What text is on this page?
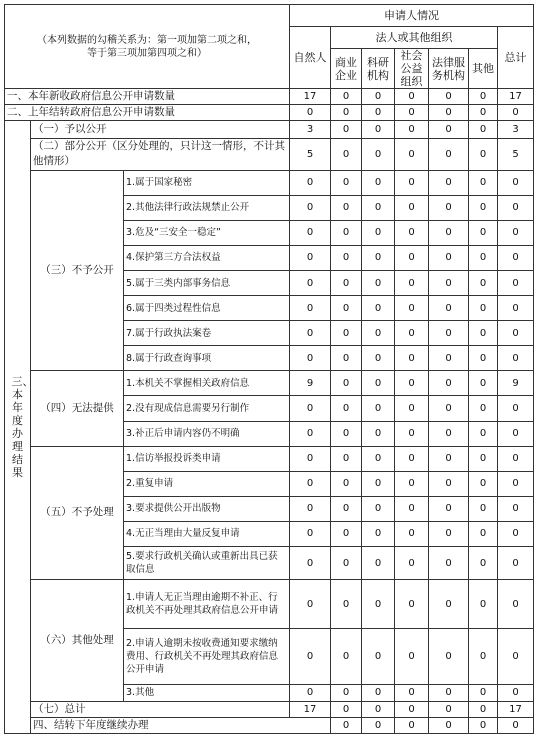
（本列数据的勾稽关系为：第一项加第二项之和，
等于第三项加第四项之和）			申请人情况							
			自然人	法人或其他组织					总计	
				商业企业	科研机构	社会公益组织	法律服务机构	其他		
一、本年新收政府信息公开申请数量			17	0	0	0	0	0	17	
二、上年结转政府信息公开申请数量			0	0	0	0	0	0	0	

三、本年度办理结果	（一）予以公开		3	0	0	0	0	0	3	
	（二）部分公开（区分处理的，只计这一情形，不计其他情形）		5	0	0	0	0	0	5	
	（三）不予公开	1.属于国家秘密	0	0	0	0	0	0	0	
		2.其他法律行政法规禁止公开	0	0	0	0	0	0	0	
		3.危及“三安全一稳定”	0	0	0	0	0	0	0	
		4.保护第三方合法权益	0	0	0	0	0	0	0	
		5.属于三类内部事务信息	0	0	0	0	0	0	0	
		6.属于四类过程性信息	0	0	0	0	0	0	0	
		7.属于行政执法案卷	0	0	0	0	0	0	0	
		8.属于行政查询事项	0	0	0	0	0	0	0	
	（四）无法提供	1.本机关不掌握相关政府信息	9	0	0	0	0	0	9	
		2.没有现成信息需要另行制作	0	0	0	0	0	0	0	
		3.补正后申请内容仍不明确	0	0	0	0	0	0	0	
	（五）不予处理	1.信访举报投诉类申请	0	0	0	0	0	0	0	
		2.重复申请	0	0	0	0	0	0	0	
		3.要求提供公开出版物	0	0	0	0	0	0	0	
		4.无正当理由大量反复申请	0	0	0	0	0	0	0	
		5.要求行政机关确认或重新出具已获取信息	0	0	0	0	0	0	0	
	（六）其他处理	1.申请人无正当理由逾期不补正、行政机关不再处理其政府信息公开申请	0	0	0	0	0	0	0	
		2.申请人逾期未按收费通知要求缴纳费用、行政机关不再处理其政府信息公开申请	0	0	0	0	0	0	0	
		3.其他	0	0	0	0	0	0	0	
	（七）总计		17	0	0	0	0	0	17	
	四、结转下年度继续办理			0	0	0	0	0	0	
